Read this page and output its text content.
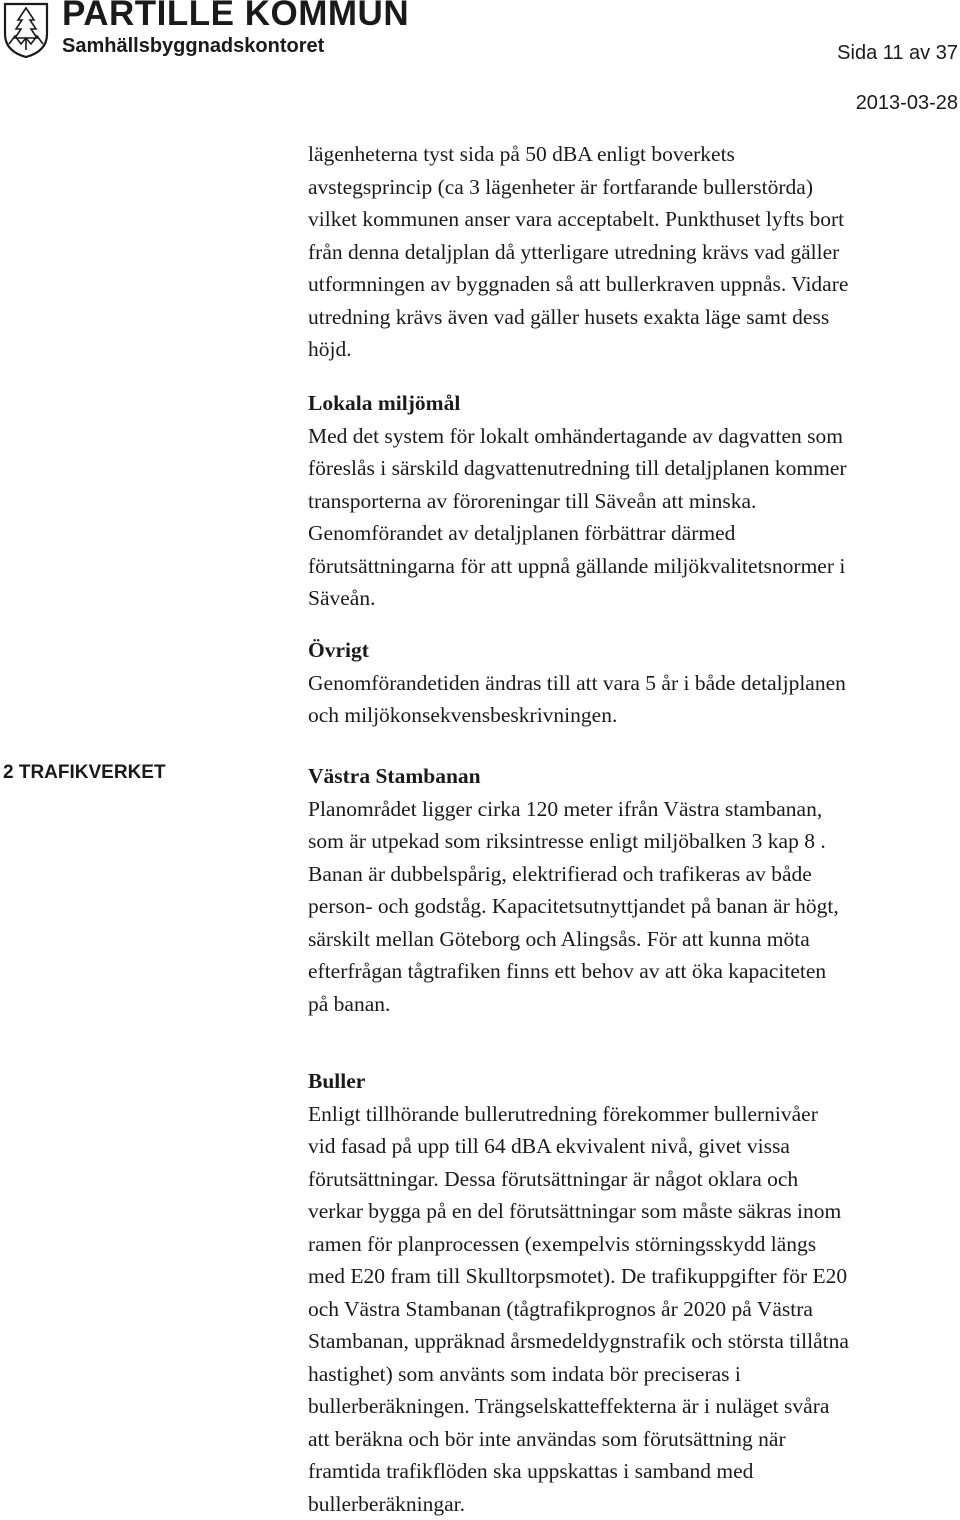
PARTILLE KOMMUN
Samhällsbyggnadskontoret	Sida 11 av 37
2013-03-28
2 TRAFIKVERKET

lägenheterna tyst sida på 50 dBA enligt boverkets
avstegsprincip (ca 3 lägenheter är fortfarande bullerstörda)
vilket kommunen anser vara acceptabelt. Punkthuset lyfts bort
från denna detaljplan då ytterligare utredning krävs vad gäller
utformningen av byggnaden så att bullerkraven uppnås. Vidare
utredning krävs även vad gäller husets exakta läge samt dess
höjd.

Lokala miljömål

Med det system för lokalt omhändertagande av dagvatten som
föreslås i särskild dagvattenutredning till detaljplanen kommer
transporterna av föroreningar till Säveån att minska.
Genomförandet av detaljplanen förbättrar därmed
förutsättningarna för att uppnå gällande miljökvalitetsnormer i
Säveån.

Övrigt

Genomförandetiden ändras till att vara 5 år i både detaljplanen
och miljökonsekvensbeskrivningen.

Västra Stambanan

Planområdet ligger cirka 120 meter ifrån Västra stambanan,
som är utpekad som riksintresse enligt miljöbalken 3 kap 8 .
Banan är dubbelspårig, elektrifierad och trafikeras av både
person- och godståg. Kapacitetsutnyttjandet på banan är högt,
särskilt mellan Göteborg och Alingsås. För att kunna möta
efterfrågan tågtrafiken finns ett behov av att öka kapaciteten
på banan.

Buller

Enligt tillhörande bullerutredning förekommer bullernivåer
vid fasad på upp till 64 dBA ekvivalent nivå, givet vissa
förutsättningar. Dessa förutsättningar är något oklara och
verkar bygga på en del förutsättningar som måste säkras inom
ramen för planprocessen (exempelvis störningsskydd längs
med E20 fram till Skulltorpsmotet). De trafikuppgifter för E20
och Västra Stambanan (tågtrafikprognos år 2020 på Västra
Stambanan, uppräknad årsmedeldygnstrafik och största tillåtna
hastighet) som använts som indata bör preciseras i
bullerberäkningen. Trängselskatteffekterna är i nuläget svåra
att beräkna och bör inte användas som förutsättning när
framtida trafikflöden ska uppskattas i samband med
bullerberäkningar.
